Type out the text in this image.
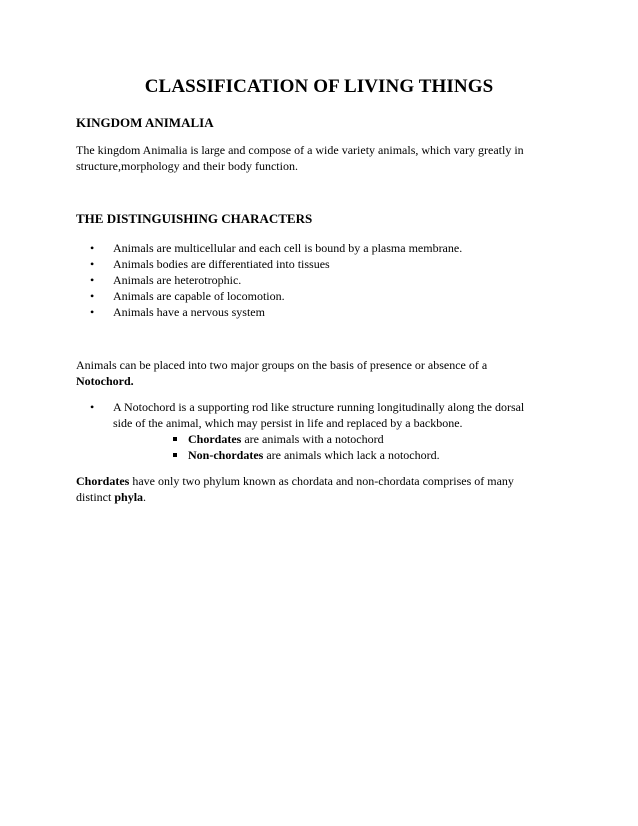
CLASSIFICATION OF LIVING THINGS
KINGDOM ANIMALIA
The kingdom Animalia is large and compose of a wide variety animals, which vary greatly in
structure,morphology and their body function.
THE DISTINGUISHING CHARACTERS
• Animals are multicellular and each cell is bound by a plasma membrane.
• Animals bodies are differentiated into tissues
• Animals are heterotrophic.
• Animals are capable of locomotion.
• Animals have a nervous system
Animals can be placed into two major groups on the basis of presence or absence of a
Notochord.
•	A Notochord is a supporting rod like structure running longitudinally along the dorsal
side of the animal, which may persist in life and replaced by a backbone.
Chordates are animals with a notochord
Non-chordates are animals which lack a notochord.
Chordates have only two phylum known as chordata and non-chordata comprises of many
distinct phyla.
